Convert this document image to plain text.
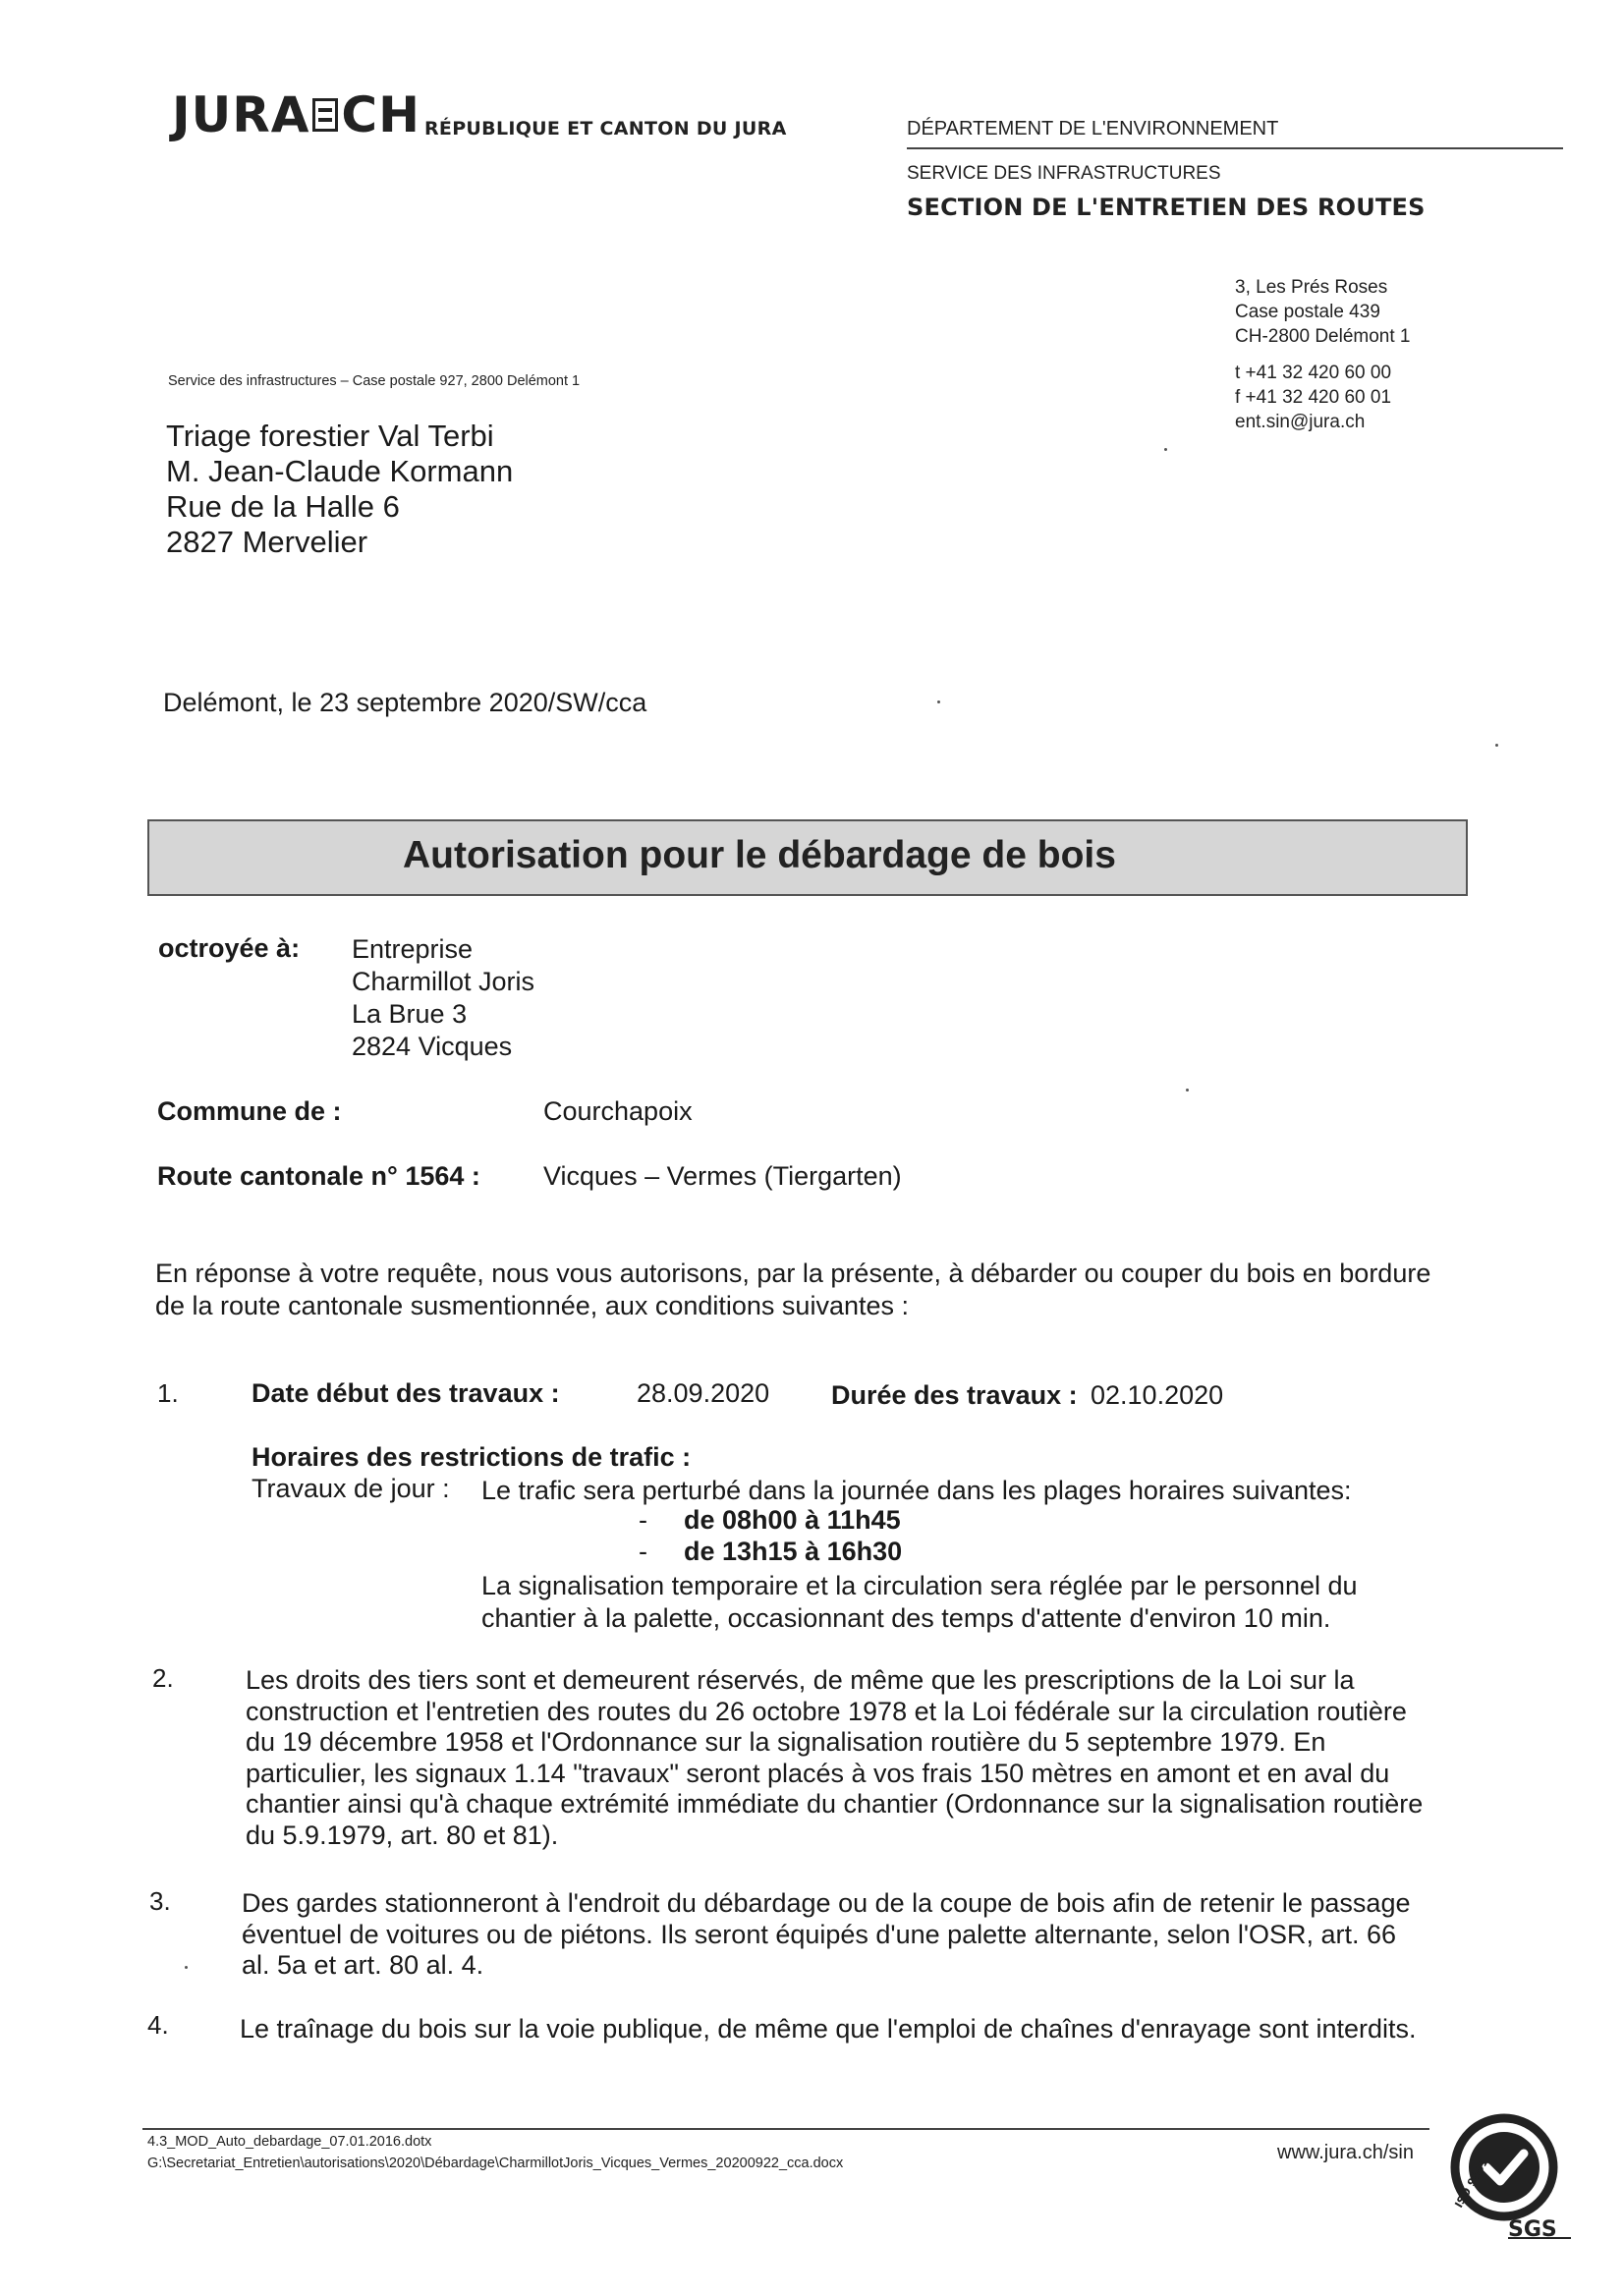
JURA CH RÉPUBLIQUE ET CANTON DU JURA	DÉPARTEMENT DE L'ENVIRONNEMENT
SERVICE DES INFRASTRUCTURES
SECTION DE L'ENTRETIEN DES ROUTES
3, Les Prés Roses
Case postale 439
CH-2800 Delémont 1
t +41 32 420 60 00
f +41 32 420 60 01
ent.sin@jura.ch
Service des infrastructures – Case postale 927, 2800 Delémont 1
Triage forestier Val Terbi
M. Jean-Claude Kormann
Rue de la Halle 6
2827 Mervelier
Delémont, le 23 septembre 2020/SW/cca
Autorisation pour le débardage de bois
octroyée à: Entreprise
Charmillot Joris
La Brue 3
2824 Vicques
Commune de :	Courchapoix
Route cantonale n° 1564 : Vicques – Vermes (Tiergarten)
En réponse à votre requête, nous vous autorisons, par la présente, à débarder ou couper du bois en bordure
de la route cantonale susmentionnée, aux conditions suivantes :
1.	Date début des travaux :	28.09.2020 Durée des travaux : 02.10.2020
Horaires des restrictions de trafic :
Travaux de jour : Le trafic sera perturbé dans la journée dans les plages horaires suivantes:
- de 08h00 à 11h45
- de 13h15 à 16h30
La signalisation temporaire et la circulation sera réglée par le personnel du
chantier à la palette, occasionnant des temps d'attente d'environ 10 min.
2.	Les droits des tiers sont et demeurent réservés, de même que les prescriptions de la Loi sur la
construction et l'entretien des routes du 26 octobre 1978 et la Loi fédérale sur la circulation routière
du 19 décembre 1958 et l'Ordonnance sur la signalisation routière du 5 septembre 1979. En
particulier, les signaux 1.14 "travaux" seront placés à vos frais 150 mètres en amont et en aval du
chantier ainsi qu'à chaque extrémité immédiate du chantier (Ordonnance sur la signalisation routière
du 5.9.1979, art. 80 et 81).
3.	Des gardes stationneront à l'endroit du débardage ou de la coupe de bois afin de retenir le passage
éventuel de voitures ou de piétons. Ils seront équipés d'une palette alternante, selon l'OSR, art. 66
al. 5a et art. 80 al. 4.
4.	Le traînage du bois sur la voie publique, de même que l'emploi de chaînes d'enrayage sont interdits.
4.3_MOD_Auto_debardage_07.01.2016.dotx
G:\Secretariat_Entretien\autorisations\2020\Débardage\CharmillotJoris_Vicques_Vermes_20200922_cca.docx	www.jura.ch/sin
ISO 9001
SGS
